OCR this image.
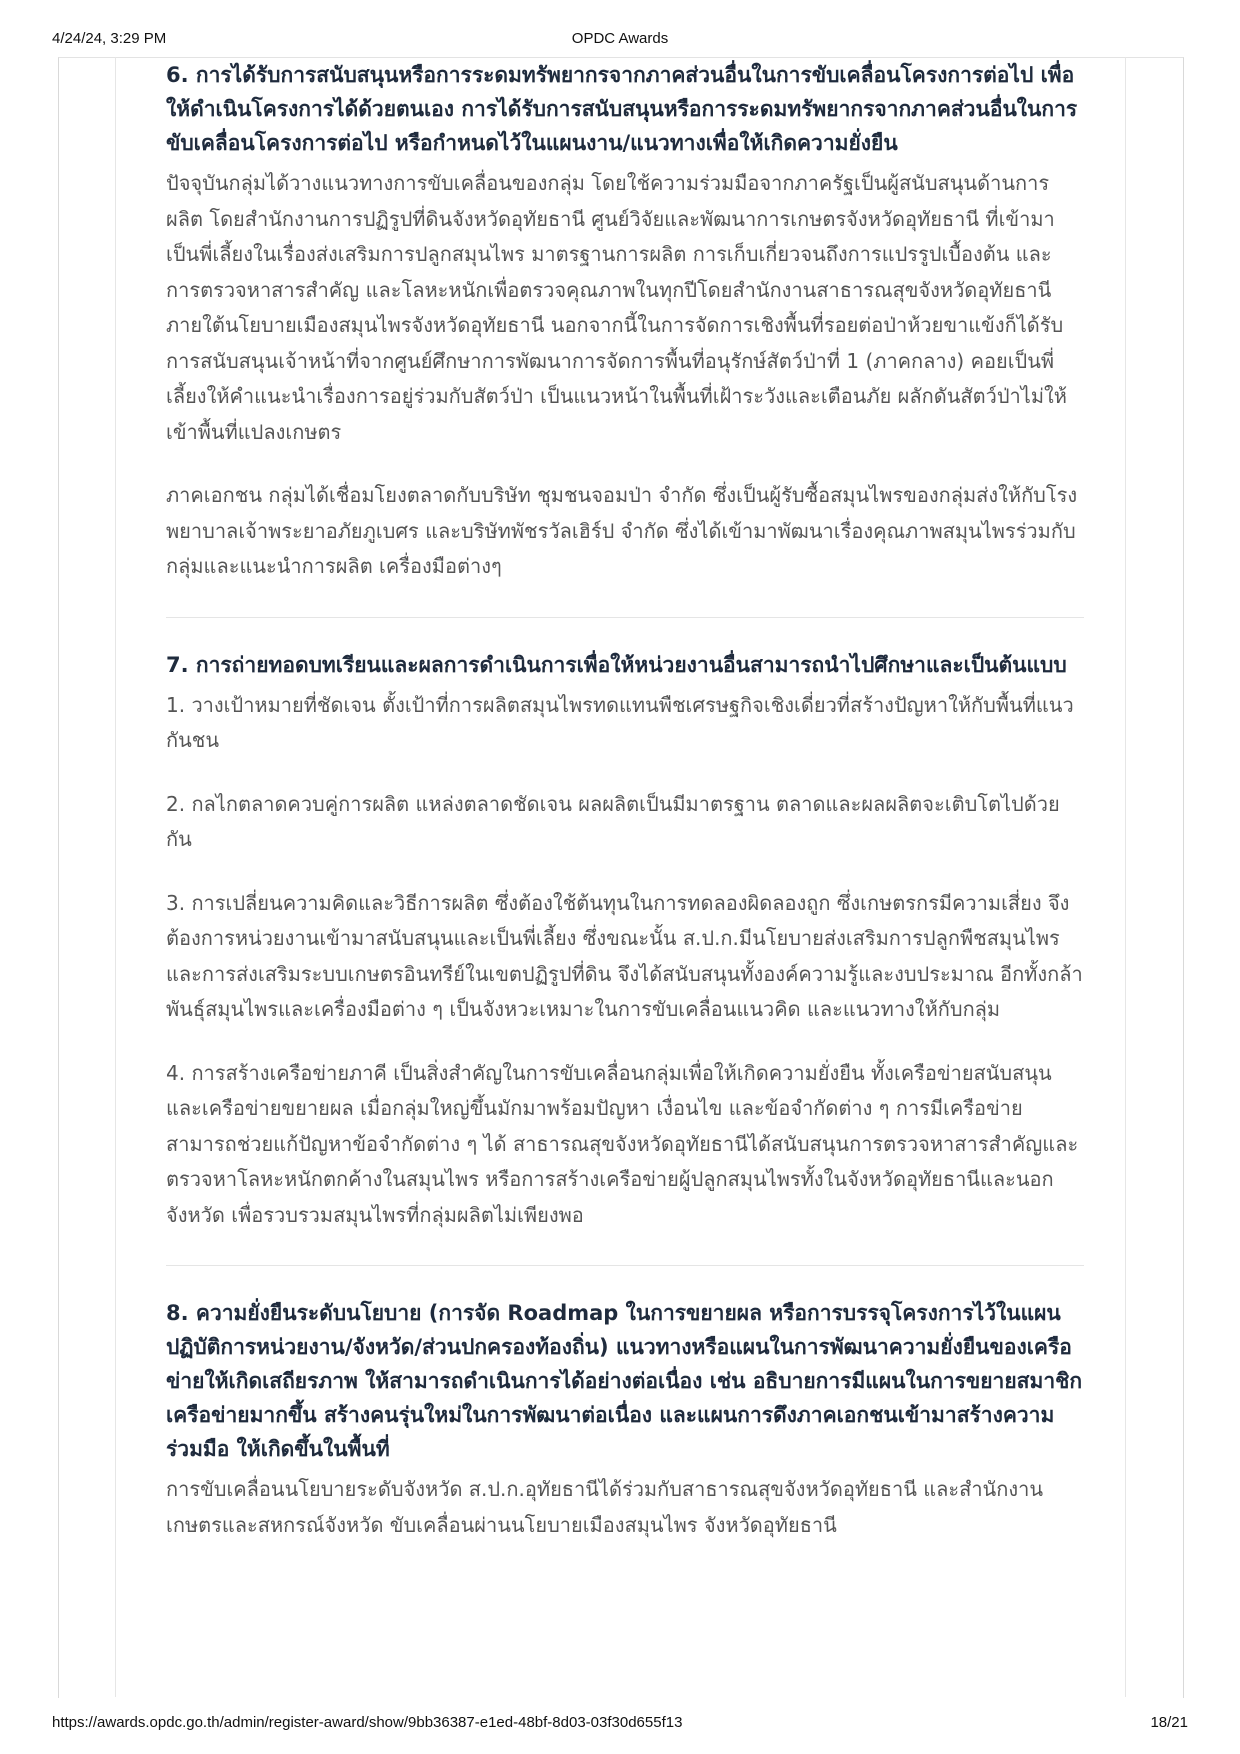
4/24/24, 3:29 PM	OPDC Awards
6. การได้รับการสนับสนุนหรือการระดมทรัพยากรจากภาคส่วนอื่นในการขับเคลื่อนโครงการต่อไป เพื่อให้ดำเนินโครงการได้ด้วยตนเอง การได้รับการสนับสนุนหรือการระดมทรัพยากรจากภาคส่วนอื่นในการขับเคลื่อนโครงการต่อไป หรือกำหนดไว้ในแผนงาน/แนวทางเพื่อให้เกิดความยั่งยืน

ปัจจุบันกลุ่มได้วางแนวทางการขับเคลื่อนของกลุ่ม โดยใช้ความร่วมมือจากภาครัฐเป็นผู้สนับสนุนด้านการผลิต โดยสำนักงานการปฏิรูปที่ดินจังหวัดอุทัยธานี ศูนย์วิจัยและพัฒนาการเกษตรจังหวัดอุทัยธานี ที่เข้ามาเป็นพี่เลี้ยงในเรื่องส่งเสริมการปลูกสมุนไพร มาตรฐานการผลิต การเก็บเกี่ยวจนถึงการแปรรูปเบื้องต้น และการตรวจหาสารสำคัญ และโลหะหนักเพื่อตรวจคุณภาพในทุกปีโดยสำนักงานสาธารณสุขจังหวัดอุทัยธานี ภายใต้นโยบายเมืองสมุนไพรจังหวัดอุทัยธานี นอกจากนี้ในการจัดการเชิงพื้นที่รอยต่อป่าห้วยขาแข้งก็ได้รับการสนับสนุนเจ้าหน้าที่จากศูนย์ศึกษาการพัฒนาการจัดการพื้นที่อนุรักษ์สัตว์ป่าที่ 1 (ภาคกลาง) คอยเป็นพี่เลี้ยงให้คำแนะนำเรื่องการอยู่ร่วมกับสัตว์ป่า เป็นแนวหน้าในพื้นที่เฝ้าระวังและเตือนภัย ผลักดันสัตว์ป่าไม่ให้เข้าพื้นที่แปลงเกษตร

ภาคเอกชน กลุ่มได้เชื่อมโยงตลาดกับบริษัท ชุมชนจอมป่า จำกัด ซึ่งเป็นผู้รับซื้อสมุนไพรของกลุ่มส่งให้กับโรงพยาบาลเจ้าพระยาอภัยภูเบศร และบริษัทพัชรวัลเฮิร์ป จำกัด ซึ่งได้เข้ามาพัฒนาเรื่องคุณภาพสมุนไพรร่วมกับกลุ่มและแนะนำการผลิต เครื่องมือต่างๆ

7. การถ่ายทอดบทเรียนและผลการดำเนินการเพื่อให้หน่วยงานอื่นสามารถนำไปศึกษาและเป็นต้นแบบ

1. วางเป้าหมายที่ชัดเจน ตั้งเป้าที่การผลิตสมุนไพรทดแทนพืชเศรษฐกิจเชิงเดี่ยวที่สร้างปัญหาให้กับพื้นที่แนวกันชน

2. กลไกตลาดควบคู่การผลิต แหล่งตลาดชัดเจน ผลผลิตเป็นมีมาตรฐาน ตลาดและผลผลิตจะเติบโตไปด้วยกัน

3. การเปลี่ยนความคิดและวิธีการผลิต ซึ่งต้องใช้ต้นทุนในการทดลองผิดลองถูก ซึ่งเกษตรกรมีความเสี่ยง จึงต้องการหน่วยงานเข้ามาสนับสนุนและเป็นพี่เลี้ยง ซึ่งขณะนั้น ส.ป.ก.มีนโยบายส่งเสริมการปลูกพืชสมุนไพรและการส่งเสริมระบบเกษตรอินทรีย์ในเขตปฏิรูปที่ดิน จึงได้สนับสนุนทั้งองค์ความรู้และงบประมาณ อีกทั้งกล้าพันธุ์สมุนไพรและเครื่องมือต่าง ๆ เป็นจังหวะเหมาะในการขับเคลื่อนแนวคิด และแนวทางให้กับกลุ่ม

4. การสร้างเครือข่ายภาคี เป็นสิ่งสำคัญในการขับเคลื่อนกลุ่มเพื่อให้เกิดความยั่งยืน ทั้งเครือข่ายสนับสนุน และเครือข่ายขยายผล เมื่อกลุ่มใหญ่ขึ้นมักมาพร้อมปัญหา เงื่อนไข และข้อจำกัดต่าง ๆ การมีเครือข่ายสามารถช่วยแก้ปัญหาข้อจำกัดต่าง ๆ ได้ สาธารณสุขจังหวัดอุทัยธานีได้สนับสนุนการตรวจหาสารสำคัญและตรวจหาโลหะหนักตกค้างในสมุนไพร หรือการสร้างเครือข่ายผู้ปลูกสมุนไพรทั้งในจังหวัดอุทัยธานีและนอกจังหวัด เพื่อรวบรวมสมุนไพรที่กลุ่มผลิตไม่เพียงพอ

8. ความยั่งยืนระดับนโยบาย (การจัด Roadmap ในการขยายผล หรือการบรรจุโครงการไว้ในแผนปฏิบัติการหน่วยงาน/จังหวัด/ส่วนปกครองท้องถิ่น) แนวทางหรือแผนในการพัฒนาความยั่งยืนของเครือข่ายให้เกิดเสถียรภาพ ให้สามารถดำเนินการได้อย่างต่อเนื่อง เช่น อธิบายการมีแผนในการขยายสมาชิกเครือข่ายมากขึ้น สร้างคนรุ่นใหม่ในการพัฒนาต่อเนื่อง และแผนการดึงภาคเอกชนเข้ามาสร้างความร่วมมือ ให้เกิดขึ้นในพื้นที่

การขับเคลื่อนนโยบายระดับจังหวัด ส.ป.ก.อุทัยธานีได้ร่วมกับสาธารณสุขจังหวัดอุทัยธานี และสำนักงานเกษตรและสหกรณ์จังหวัด ขับเคลื่อนผ่านนโยบายเมืองสมุนไพร จังหวัดอุทัยธานี

https://awards.opdc.go.th/admin/register-award/show/9bb36387-e1ed-48bf-8d03-03f30d655f13	18/21
